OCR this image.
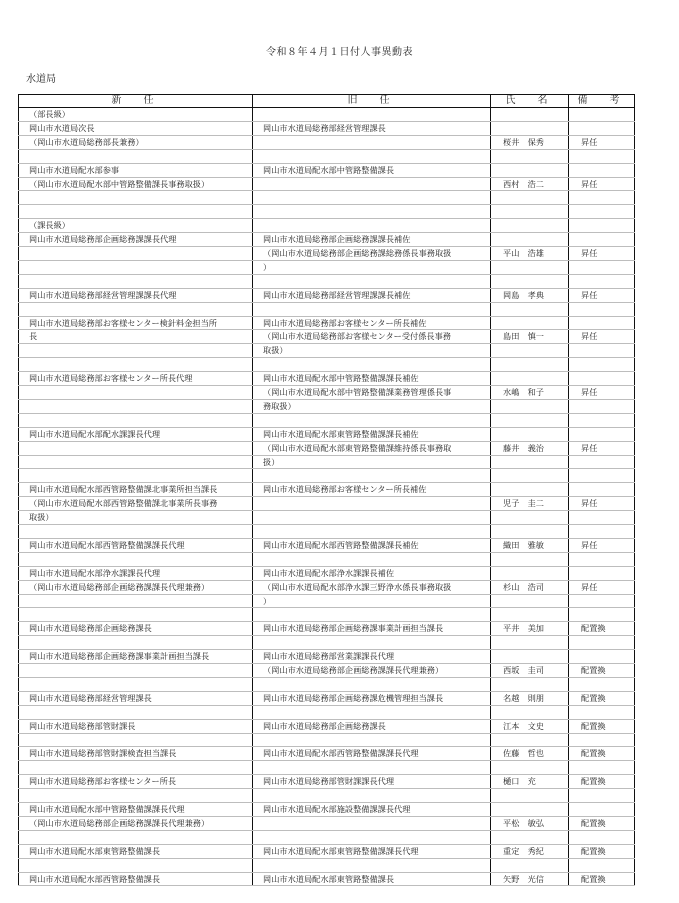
令和８年４月１日付人事異動表
水道局
新　任	旧　任	氏　名	備　考
（部長級）			
岡山市水道局次長	岡山市水道局総務部経営管理課長		
（岡山市水道局総務部長兼務）		桜井　保秀	昇任

岡山市水道局配水部参事	岡山市水道局配水部中管路整備課長		
（岡山市水道局配水部中管路整備課長事務取扱）		西村　浩二	昇任

（課長級）			
岡山市水道局総務部企画総務課課長代理	岡山市水道局総務部企画総務課課長補佐		
	（岡山市水道局総務部企画総務課総務係長事務取扱	平山　浩雄	昇任
	）		

岡山市水道局総務部経営管理課課長代理	岡山市水道局総務部経営管理課課長補佐	岡島　孝典	昇任

岡山市水道局総務部お客様センター検針料金担当所	岡山市水道局総務部お客様センター所長補佐		
長	（岡山市水道局総務部お客様センター受付係長事務	島田　慎一	昇任
	取扱）		

岡山市水道局総務部お客様センター所長代理	岡山市水道局配水部中管路整備課課長補佐		
	（岡山市水道局配水部中管路整備課業務管理係長事	水嶋　和子	昇任
	務取扱）		

岡山市水道局配水部配水課課長代理	岡山市水道局配水部東管路整備課課長補佐		
	（岡山市水道局配水部東管路整備課維持係長事務取	藤井　義治	昇任
	扱）		

岡山市水道局配水部西管路整備課北事業所担当課長	岡山市水道局総務部お客様センター所長補佐		
（岡山市水道局配水部西管路整備課北事業所長事務		児子　圭二	昇任
取扱）			

岡山市水道局配水部西管路整備課課長代理	岡山市水道局配水部西管路整備課課長補佐	織田　雅敏	昇任

岡山市水道局配水部浄水課課長代理	岡山市水道局配水部浄水課課長補佐		
（岡山市水道局総務部企画総務課課長代理兼務）	（岡山市水道局配水部浄水課三野浄水係長事務取扱	杉山　浩司	昇任
	）		

岡山市水道局総務部企画総務課長	岡山市水道局総務部企画総務課事業計画担当課長	平井　美加	配置換

岡山市水道局総務部企画総務課事業計画担当課長	岡山市水道局総務部営業課課長代理		
	（岡山市水道局総務部企画総務課課長代理兼務）	西坂　圭司	配置換

岡山市水道局総務部経営管理課長	岡山市水道局総務部企画総務課危機管理担当課長	名越　則朋	配置換

岡山市水道局総務部管財課長	岡山市水道局総務部企画総務課長	江本　文史	配置換

岡山市水道局総務部管財課検査担当課長	岡山市水道局配水部西管路整備課課長代理	佐藤　哲也	配置換

岡山市水道局総務部お客様センター所長	岡山市水道局総務部管財課課長代理	樋口　充	配置換

岡山市水道局配水部中管路整備課課長代理	岡山市水道局配水部施設整備課課長代理		
（岡山市水道局総務部企画総務課課長代理兼務）		平松　敏弘	配置換

岡山市水道局配水部東管路整備課長	岡山市水道局配水部東管路整備課課長代理	重定　秀紀	配置換

岡山市水道局配水部西管路整備課長	岡山市水道局配水部東管路整備課長	矢野　光信	配置換
